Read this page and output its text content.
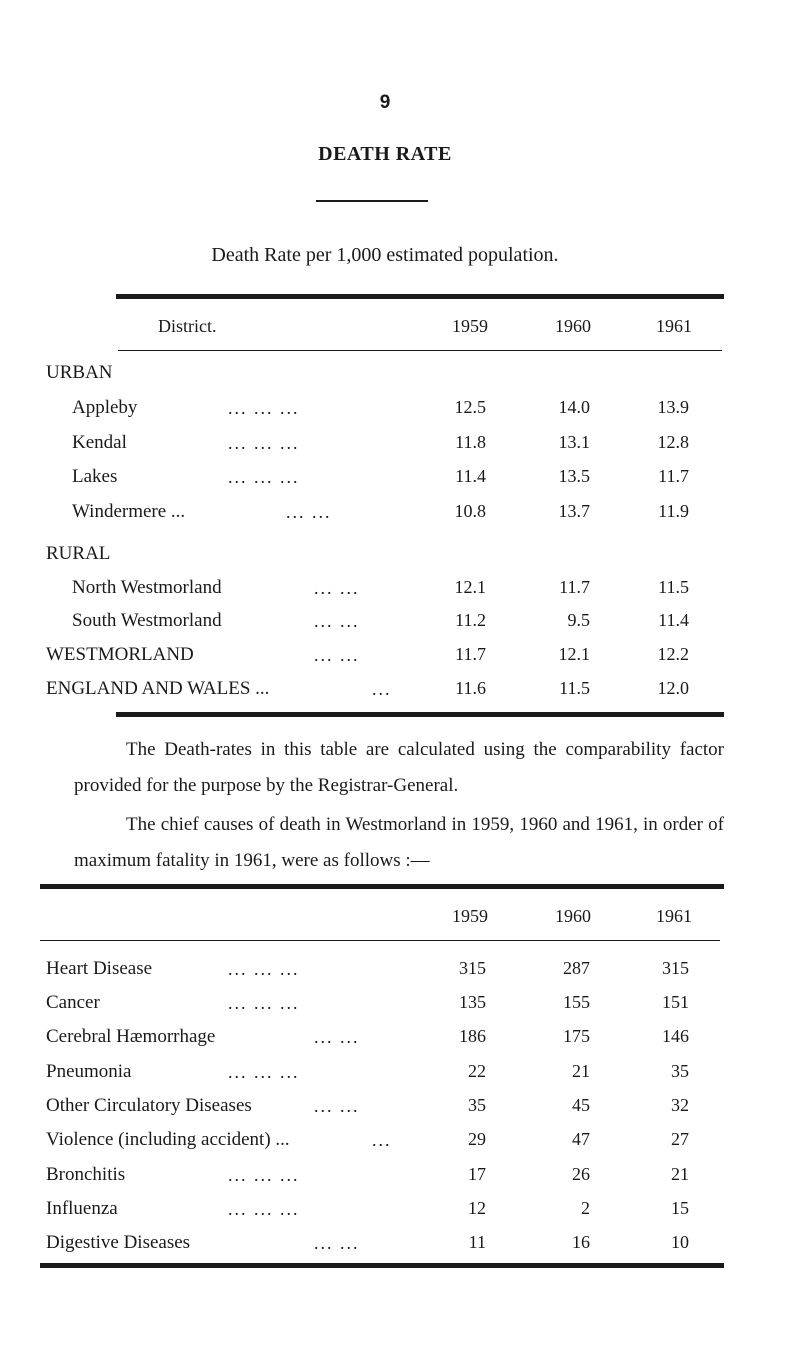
9
DEATH RATE
Death Rate per 1,000 estimated population.
District.	1959	1960	1961
URBAN
Appleby	... ... ...	12.5	14.0	13.9
Kendal	... ... ...	11.8	13.1	12.8
Lakes	... ... ...	11.4	13.5	11.7
Windermere ...	... ...	10.8	13.7	11.9
RURAL
North Westmorland	... ...	12.1	11.7	11.5
South Westmorland	... ...	11.2	9.5	11.4
WESTMORLAND	... ...	11.7	12.1	12.2
ENGLAND AND WALES ...	...	11.6	11.5	12.0
The Death-rates in this table are calculated using the comparability factor provided for the purpose by the Registrar-General.
The chief causes of death in Westmorland in 1959, 1960 and 1961, in order of maximum fatality in 1961, were as follows :—
1959	1960	1961
Heart Disease	... ... ...	315	287	315
Cancer	... ... ...	135	155	151
Cerebral Hæmorrhage	... ...	186	175	146
Pneumonia	... ... ...	22	21	35
Other Circulatory Diseases	... ...	35	45	32
Violence (including accident) ...	...	29	47	27
Bronchitis	... ... ...	17	26	21
Influenza	... ... ...	12	2	15
Digestive Diseases	... ...	11	16	10
